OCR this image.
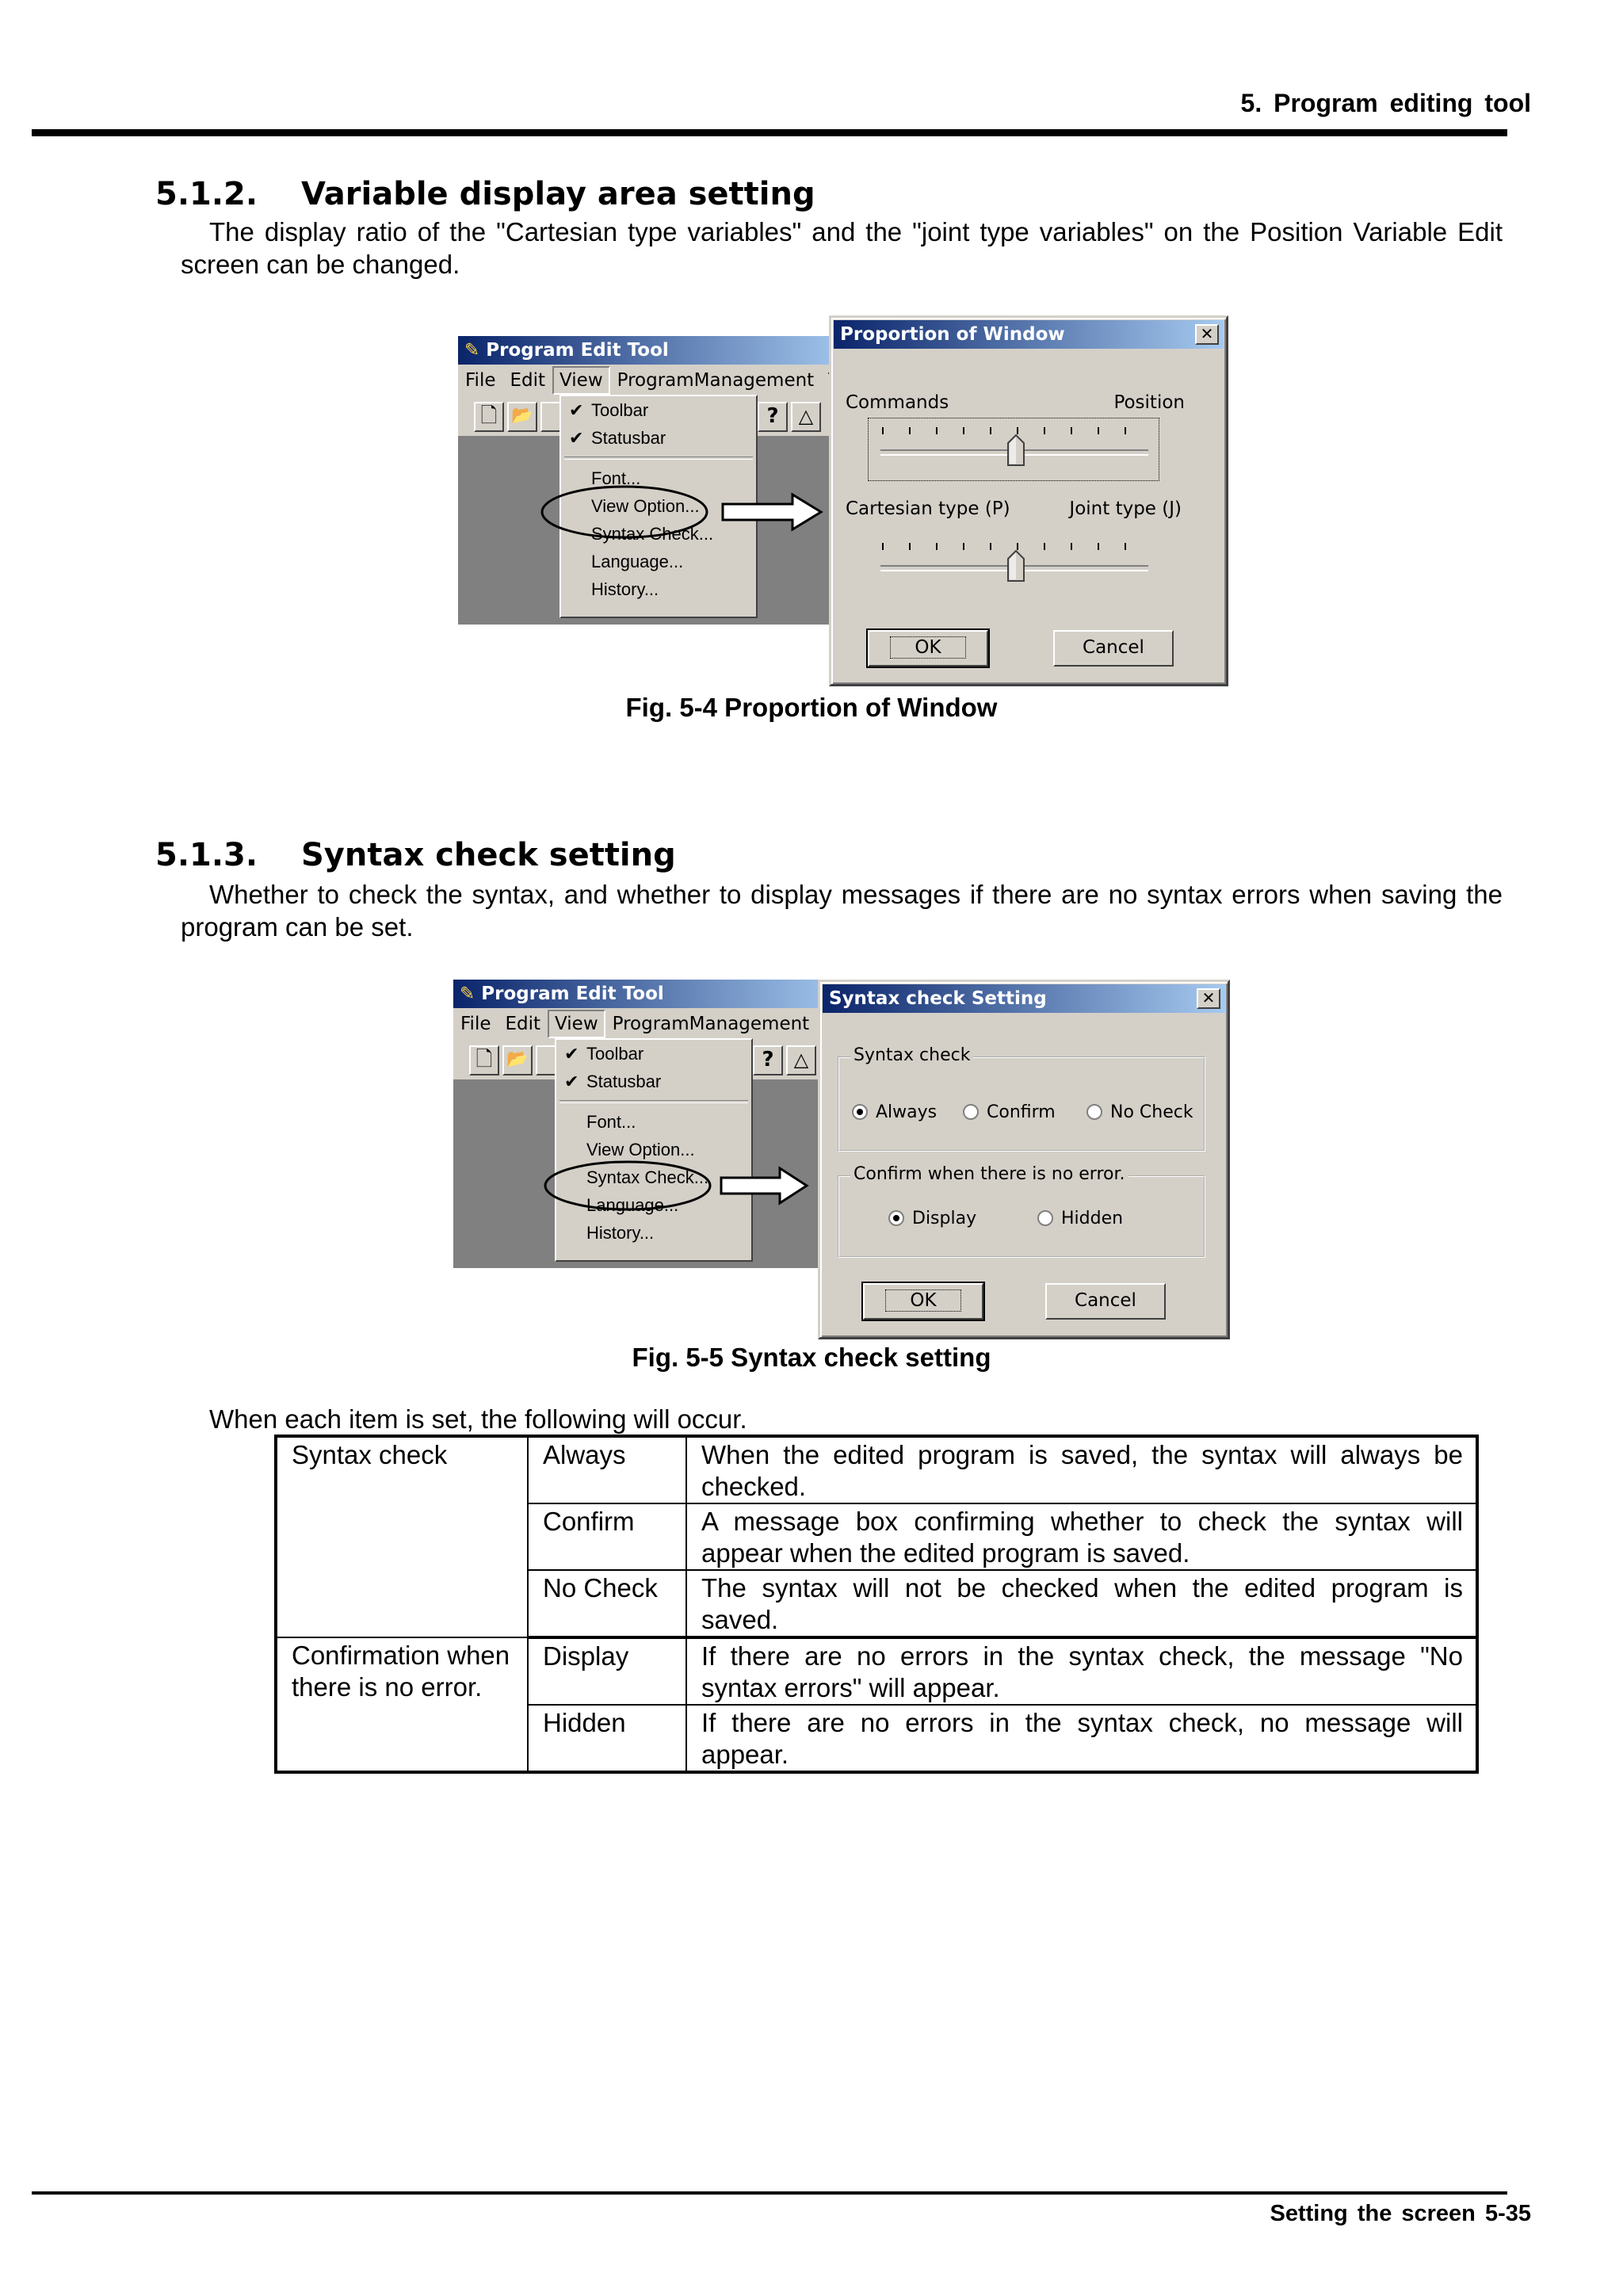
5. Program editing tool
5.1.2. Variable display area setting
The display ratio of the "Cartesian type variables" and the "joint type variables" on the Position Variable Edit screen can be changed.
✎ Program Edit Tool
File Edit View ProgramManagement
🗋 📂	?	△
✔ Toolbar
✔ Statusbar
Font...
View Option...
Syntax Check...
Language...
History...
Proportion of Window	✕
Commands	Position
Cartesian type (P)	Joint type (J)
OK	Cancel
Fig. 5-4 Proportion of Window
5.1.3. Syntax check setting
Whether to check the syntax, and whether to display messages if there are no syntax errors when saving the program can be set.
✎ Program Edit Tool
File Edit View ProgramManagement
🗋 📂	?	△
✔ Toolbar
✔ Statusbar
Font...
View Option...
Syntax Check...
Language...
History...
Syntax check Setting	✕
Syntax check
Always	Confirm	No Check
Confirm when there is no error.
Display	Hidden
OK	Cancel
Fig. 5-5 Syntax check setting
When each item is set, the following will occur.
Syntax check	Always	When the edited program is saved, the syntax will always be checked.
	Confirm	A message box confirming whether to check the syntax will appear when the edited program is saved.
	No Check	The syntax will not be checked when the edited program is saved.
Confirmation when there is no error.	Display	If there are no errors in the syntax check, the message "No syntax errors" will appear.
	Hidden	If there are no errors in the syntax check, no message will appear.
Setting the screen 5-35
